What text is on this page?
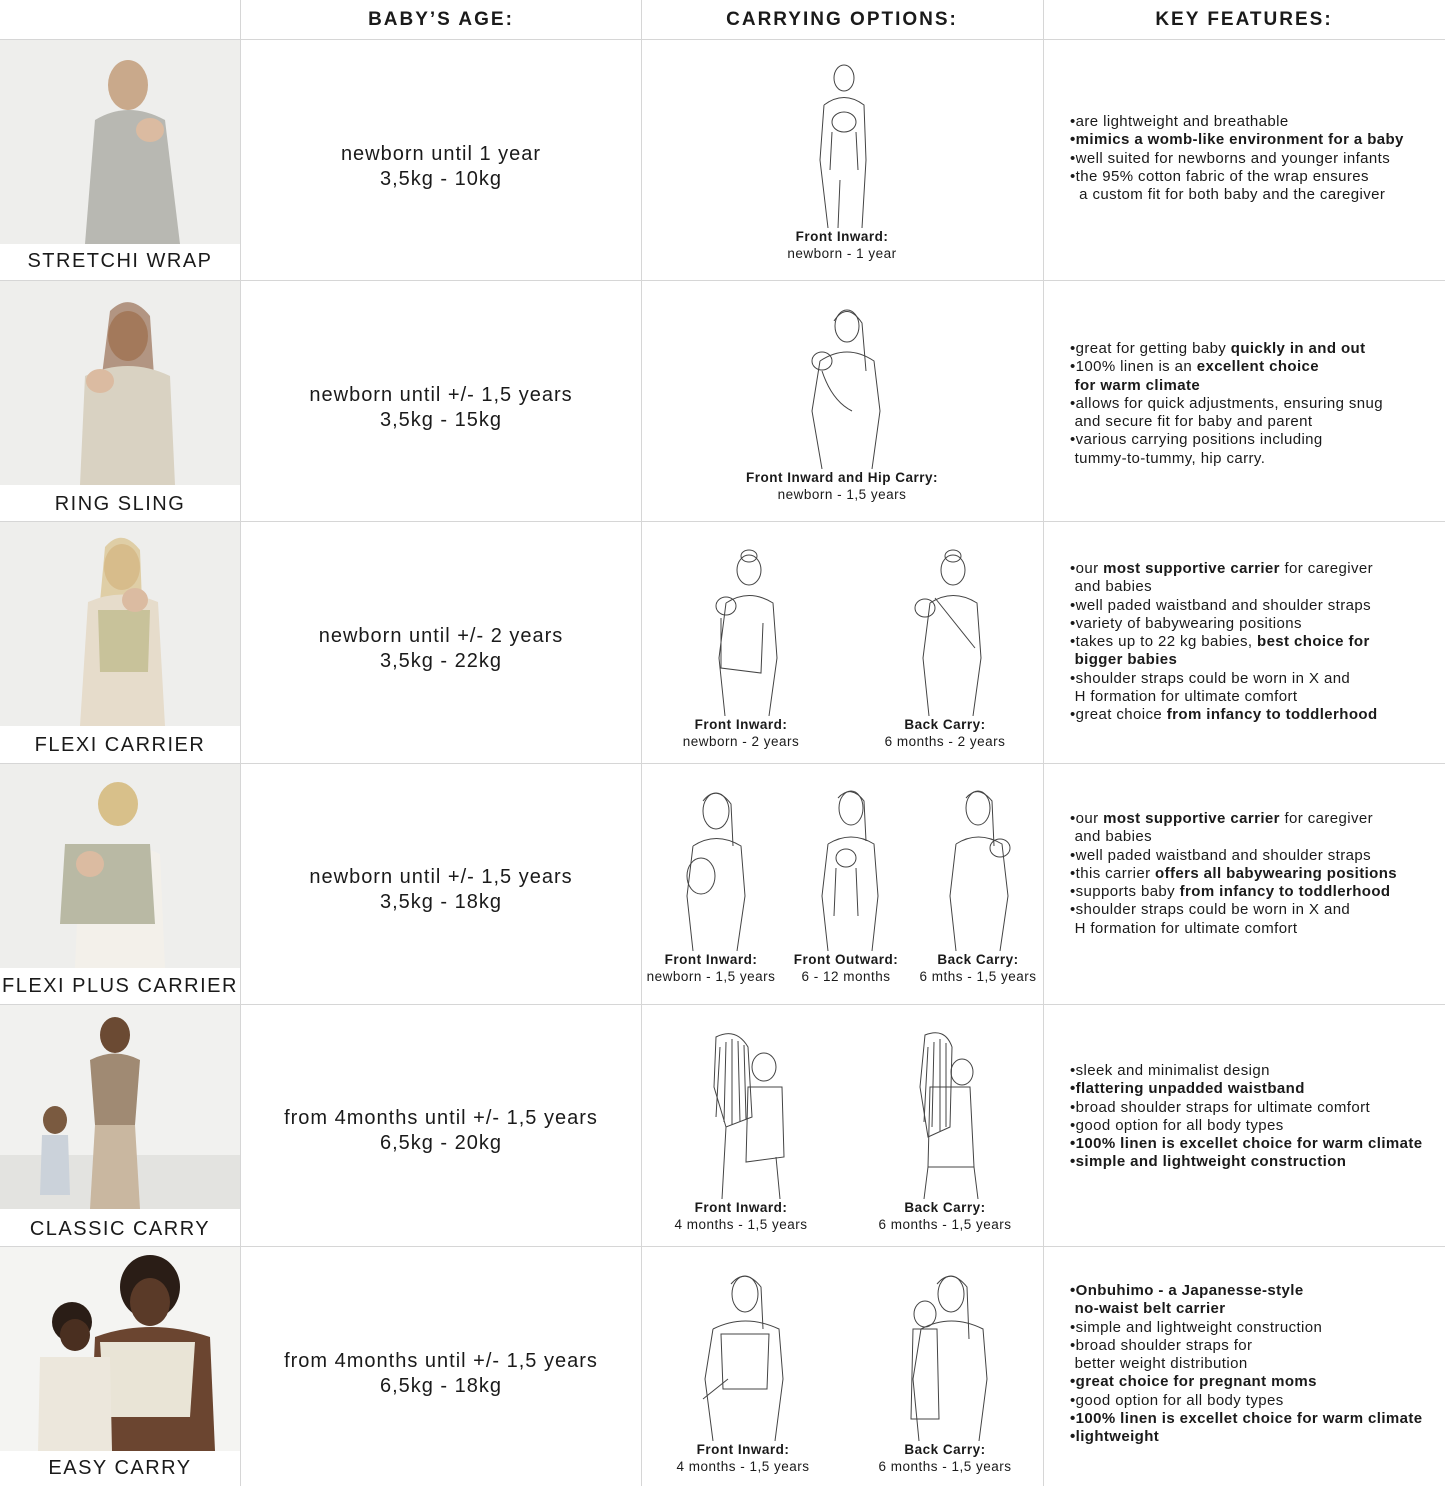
BABY’S AGE:	CARRYING OPTIONS:	KEY FEATURES:
STRETCHI WRAP
newborn until 1 year
3,5kg - 10kg
Front Inward:
newborn - 1 year
•are lightweight and breathable
•mimics a womb-like environment for a baby
•well suited for newborns and younger infants
•the 95% cotton fabric of the wrap ensures
a custom fit for both baby and the caregiver
RING SLING
newborn until +/- 1,5 years
3,5kg - 15kg
Front Inward and Hip Carry:
newborn - 1,5 years
•great for getting baby quickly in and out
•100% linen is an excellent choice
for warm climate
•allows for quick adjustments, ensuring snug
and secure fit for baby and parent
•various carrying positions including
tummy-to-tummy, hip carry.
FLEXI CARRIER
newborn until +/- 2 years
3,5kg - 22kg
Front Inward:
newborn - 2 years
Back Carry:
6 months - 2 years
•our most supportive carrier for caregiver
and babies
•well paded waistband and shoulder straps
•variety of babywearing positions
•takes up to 22 kg babies, best choice for
bigger babies
•shoulder straps could be worn in X and
H formation for ultimate comfort
•great choice from infancy to toddlerhood
FLEXI PLUS CARRIER
newborn until +/- 1,5 years
3,5kg - 18kg
Front Inward:
newborn - 1,5 years
Front Outward:
6 - 12 months
Back Carry:
6 mths - 1,5 years
•our most supportive carrier for caregiver
and babies
•well paded waistband and shoulder straps
•this carrier offers all babywearing positions
•supports baby from infancy to toddlerhood
•shoulder straps could be worn in X and
H formation for ultimate comfort
CLASSIC CARRY
from 4months until +/- 1,5 years
6,5kg - 20kg
Front Inward:
4 months - 1,5 years
Back Carry:
6 months - 1,5 years
•sleek and minimalist design
•flattering unpadded waistband
•broad shoulder straps for ultimate comfort
•good option for all body types
•100% linen is excellet choice for warm climate
•simple and lightweight construction
EASY CARRY
from 4months until +/- 1,5 years
6,5kg - 18kg
Front Inward:
4 months - 1,5 years
Back Carry:
6 months - 1,5 years
•Onbuhimo - a Japanesse-style
no-waist belt carrier
•simple and lightweight construction
•broad shoulder straps for
better weight distribution
•great choice for pregnant moms
•good option for all body types
•100% linen is excellet choice for warm climate
•lightweight
